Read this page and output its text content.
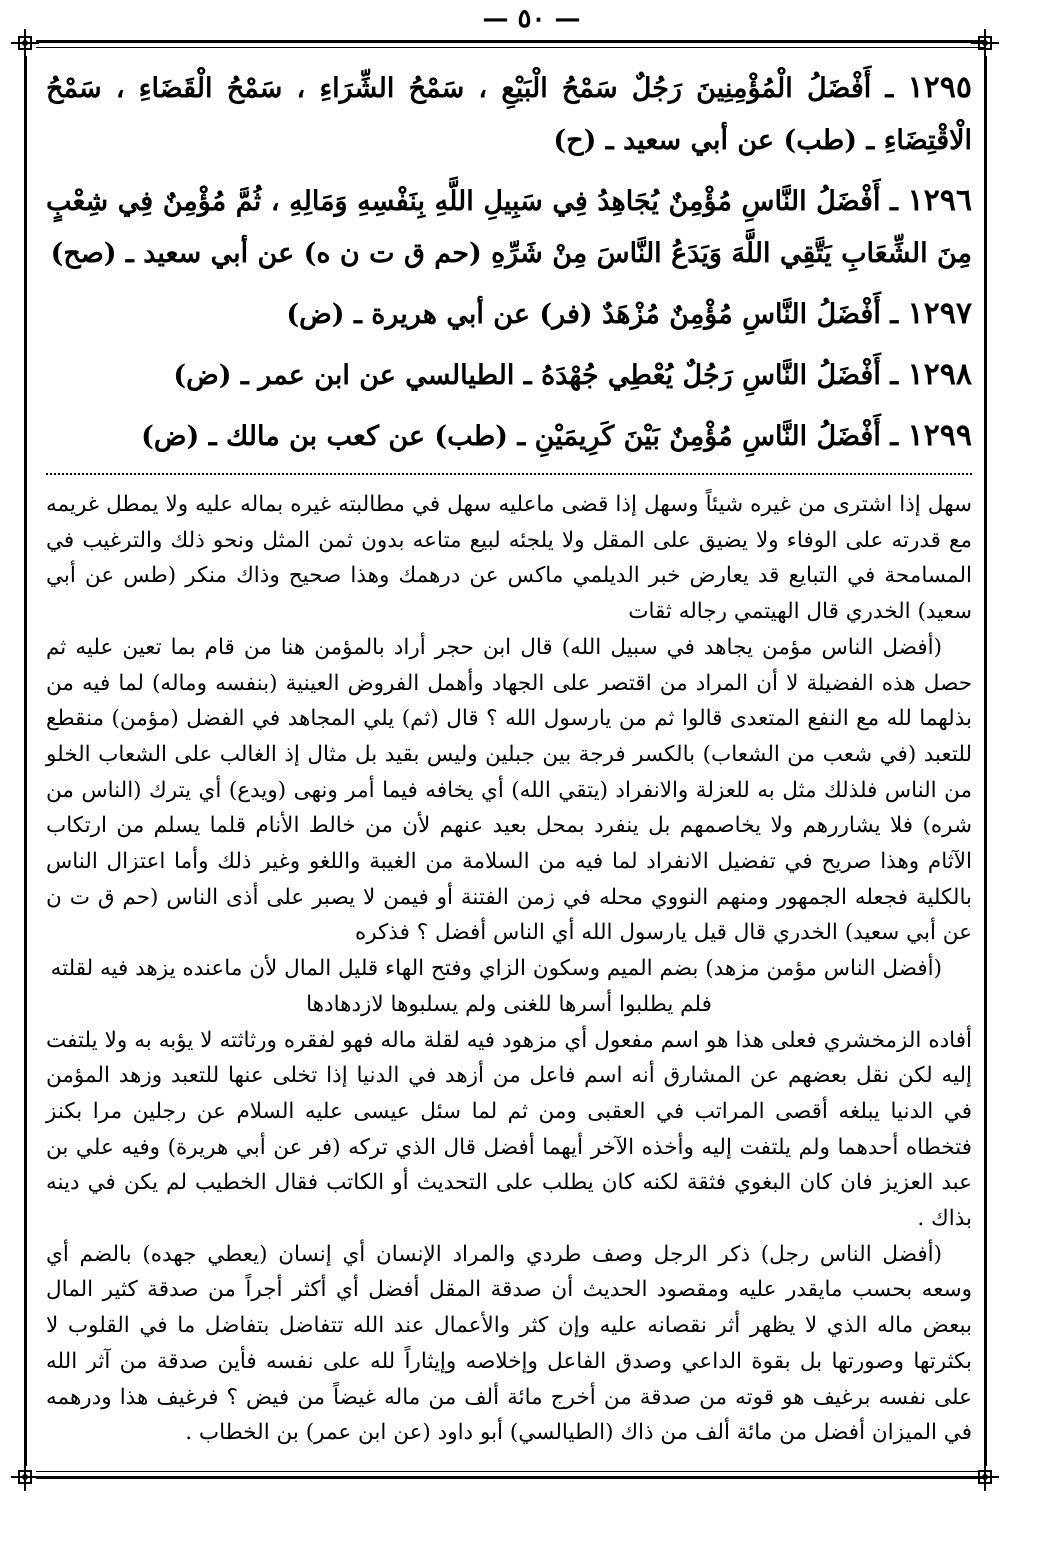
— ٥٠ —

١٢٩٥ ـ أَفْضَلُ الْمُؤْمِنِينَ رَجُلٌ سَمْحُ الْبَيْعِ ، سَمْحُ الشِّرَاءِ ، سَمْحُ الْقَضَاءِ ، سَمْحُ الْاقْتِضَاءِ ـ (طب) عن أبي سعيد ـ (ح)

١٢٩٦ ـ أَفْضَلُ النَّاسِ مُؤْمِنٌ يُجَاهِدُ فِي سَبِيلِ اللَّهِ بِنَفْسِهِ وَمَالِهِ ، ثُمَّ مُؤْمِنٌ فِي شِعْبٍ مِنَ الشِّعَابِ يَتَّقِي اللَّهَ وَيَدَعُ النَّاسَ مِنْ شَرِّهِ (حم ق ت ن ه) عن أبي سعيد ـ (صح)

١٢٩٧ ـ أَفْضَلُ النَّاسِ مُؤْمِنٌ مُزْهَدٌ (فر) عن أبي هريرة ـ (ض)

١٢٩٨ ـ أَفْضَلُ النَّاسِ رَجُلٌ يُعْطِي جُهْدَهُ ـ الطيالسي عن ابن عمر ـ (ض)

١٢٩٩ ـ أَفْضَلُ النَّاسِ مُؤْمِنٌ بَيْنَ كَرِيمَيْنِ ـ (طب) عن كعب بن مالك ـ (ض)

سهل إذا اشترى من غيره شيئاً وسهل إذا قضى ماعليه سهل في مطالبته غيره بماله عليه ولا يمطل غريمه مع قدرته على الوفاء ولا يضيق على المقل ولا يلجئه لبيع متاعه بدون ثمن المثل ونحو ذلك والترغيب في المسامحة في التبايع قد يعارض خبر الديلمي ماكس عن درهمك وهذا صحيح وذاك منكر (طس عن أبي سعيد) الخدري قال الهيتمي رجاله ثقات

(أفضل الناس مؤمن يجاهد في سبيل الله) قال ابن حجر أراد بالمؤمن هنا من قام بما تعين عليه ثم حصل هذه الفضيلة لا أن المراد من اقتصر على الجهاد وأهمل الفروض العينية (بنفسه وماله) لما فيه من بذلهما لله مع النفع المتعدى قالوا ثم من يارسول الله ؟ قال (ثم) يلي المجاهد في الفضل (مؤمن) منقطع للتعبد (في شعب من الشعاب) بالكسر فرجة بين جبلين وليس بقيد بل مثال إذ الغالب على الشعاب الخلو من الناس فلذلك مثل به للعزلة والانفراد (يتقي الله) أي يخافه فيما أمر ونهى (ويدع) أي يترك (الناس من شره) فلا يشاررهم ولا يخاصمهم بل ينفرد بمحل بعيد عنهم لأن من خالط الأنام قلما يسلم من ارتكاب الآثام وهذا صريح في تفضيل الانفراد لما فيه من السلامة من الغيبة واللغو وغير ذلك وأما اعتزال الناس بالكلية فجعله الجمهور ومنهم النووي محله في زمن الفتنة أو فيمن لا يصبر على أذى الناس (حم ق ت ن عن أبي سعيد) الخدري قال قيل يارسول الله أي الناس أفضل ؟ فذكره

(أفضل الناس مؤمن مزهد) بضم الميم وسكون الزاي وفتح الهاء قليل المال لأن ماعنده يزهد فيه لقلته

فلم يطلبوا أسرها للغنى ولم يسلبوها لازدهادها

أفاده الزمخشري فعلى هذا هو اسم مفعول أي مزهود فيه لقلة ماله فهو لفقره ورثاثته لا يؤبه به ولا يلتفت إليه لكن نقل بعضهم عن المشارق أنه اسم فاعل من أزهد في الدنيا إذا تخلى عنها للتعبد وزهد المؤمن في الدنيا يبلغه أقصى المراتب في العقبى ومن ثم لما سئل عيسى عليه السلام عن رجلين مرا بكنز فتخطاه أحدهما ولم يلتفت إليه وأخذه الآخر أيهما أفضل قال الذي تركه (فر عن أبي هريرة) وفيه علي بن عبد العزيز فان كان البغوي فثقة لكنه كان يطلب على التحديث أو الكاتب فقال الخطيب لم يكن في دينه بذاك .

(أفضل الناس رجل) ذكر الرجل وصف طردي والمراد الإنسان أي إنسان (يعطي جهده) بالضم أي وسعه بحسب مايقدر عليه ومقصود الحديث أن صدقة المقل أفضل أي أكثر أجراً من صدقة كثير المال ببعض ماله الذي لا يظهر أثر نقصانه عليه وإن كثر والأعمال عند الله تتفاضل بتفاضل ما في القلوب لا بكثرتها وصورتها بل بقوة الداعي وصدق الفاعل وإخلاصه وإيثاراً لله على نفسه فأين صدقة من آثر الله على نفسه برغيف هو قوته من صدقة من أخرج مائة ألف من ماله غيضاً من فيض ؟ فرغيف هذا ودرهمه في الميزان أفضل من مائة ألف من ذاك (الطيالسي) أبو داود (عن ابن عمر) بن الخطاب .
